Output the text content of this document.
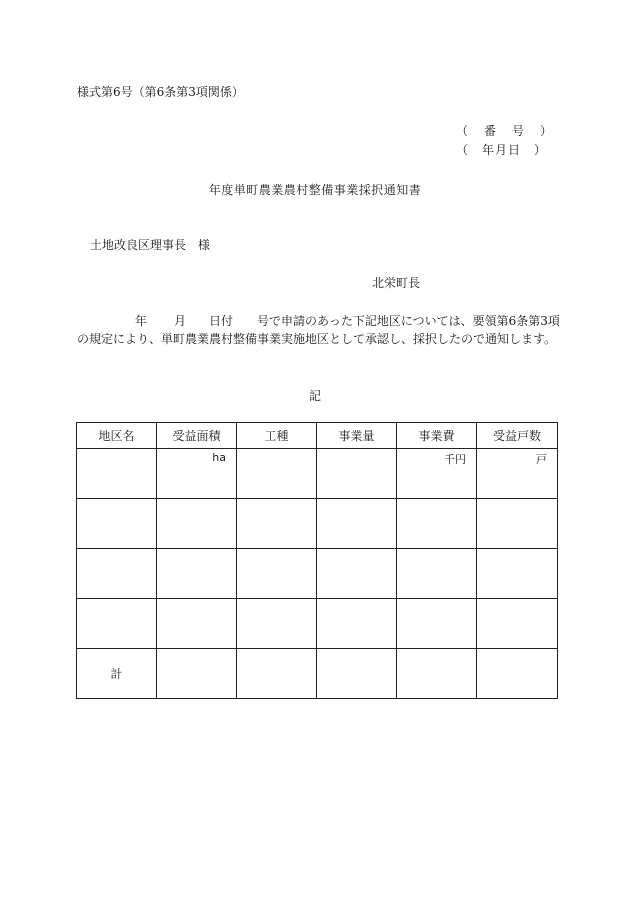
様式第6号（第6条第3項関係）
（　番　号　）
（　年月日　）
年度単町農業農村整備事業採択通知書
土地改良区理事長　様
北栄町長
年 月 日付 号で申請のあった下記地区については、要領第6条第3項
の規定により、単町農業農村整備事業実施地区として承認し、採択したので通知します。
記
地区名	受益面積	工種	事業量	事業費	受益戸数

	ha			千円	戸

計					
